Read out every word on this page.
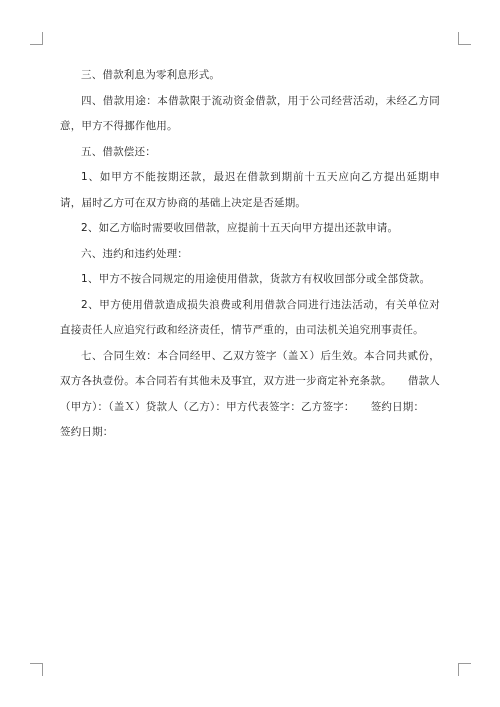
三、借款利息为零利息形式。

四、借款用途：本借款限于流动资金借款，用于公司经营活动，未经乙方同意，甲方不得挪作他用。

五、借款偿还：

1、如甲方不能按期还款，最迟在借款到期前十五天应向乙方提出延期申请，届时乙方可在双方协商的基础上决定是否延期。

2、如乙方临时需要收回借款，应提前十五天向甲方提出还款申请。

六、违约和违约处理：

1、甲方不按合同规定的用途使用借款，货款方有权收回部分或全部贷款。

2、甲方使用借款造成损失浪费或利用借款合同进行违法活动，有关单位对直接责任人应追究行政和经济责任，情节严重的，由司法机关追究刑事责任。

七、合同生效：本合同经甲、乙双方签字（盖Ｘ）后生效。本合同共贰份，双方各执壹份。本合同若有其他未及事宜，双方进一步商定补充条款。　　借款人（甲方）：（盖Ｘ）贷款人（乙方）：甲方代表签字：乙方签字：　　签约日期：

签约日期：
